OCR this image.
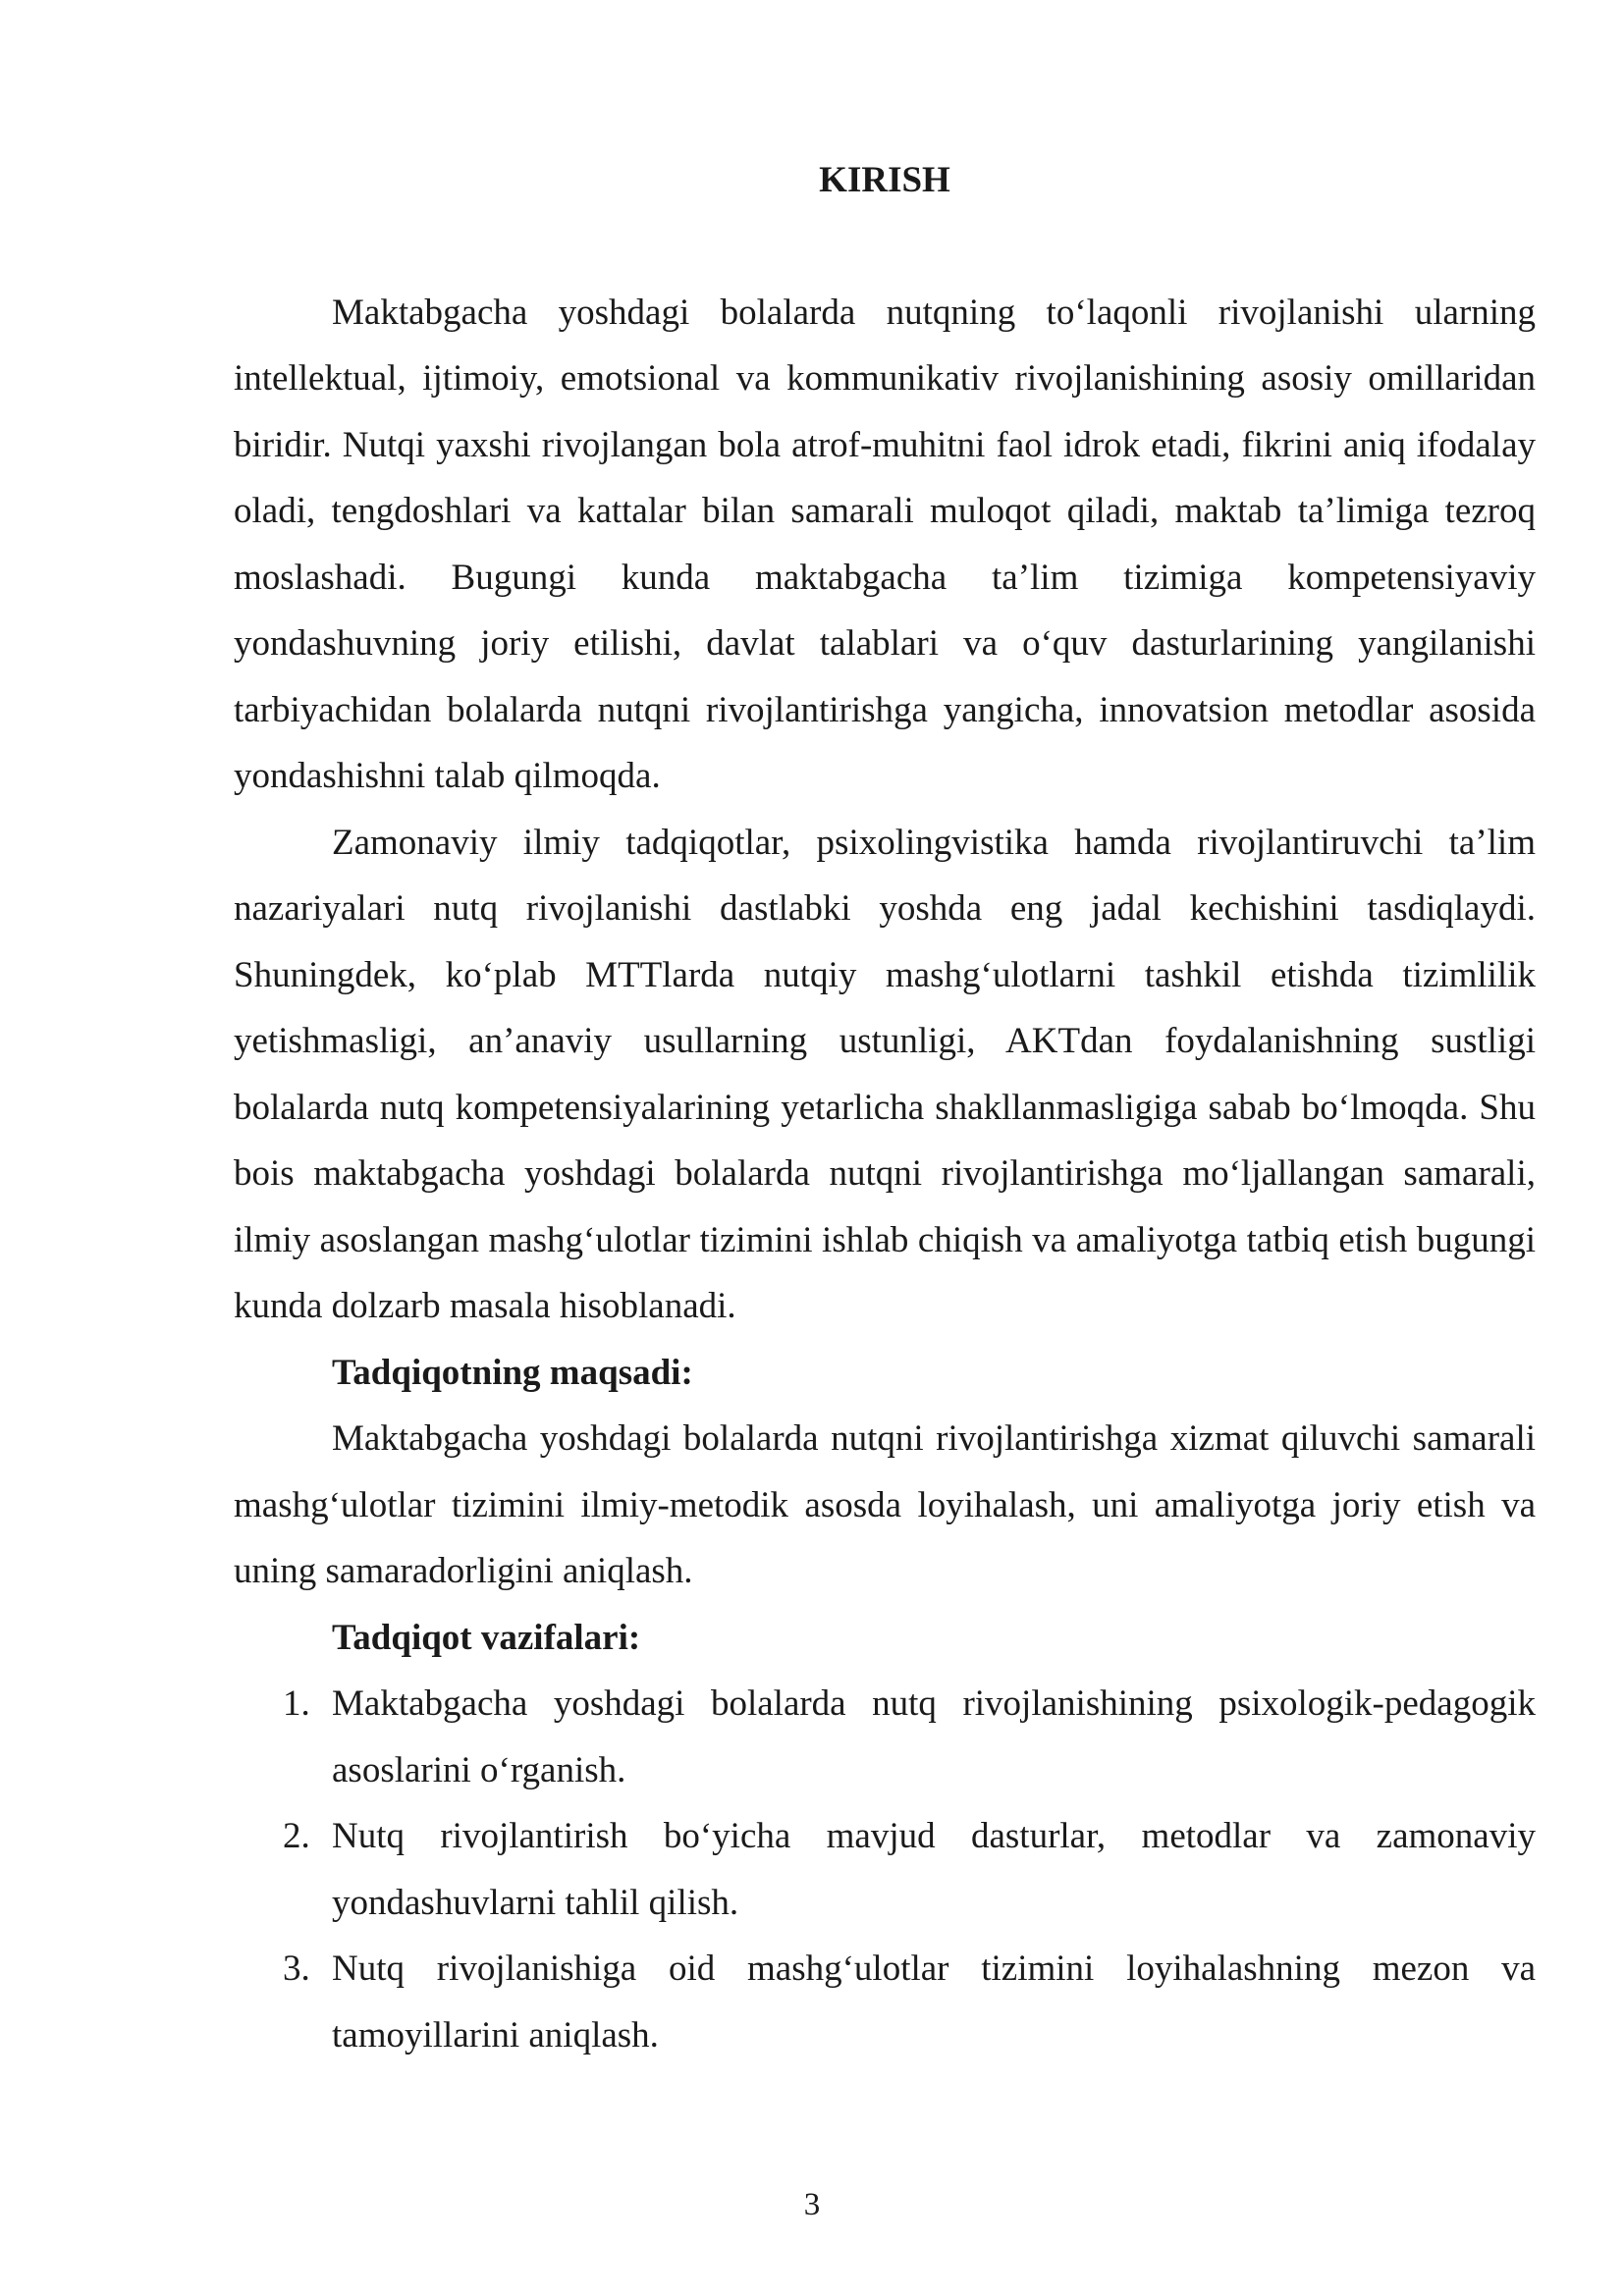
KIRISH

Maktabgacha yoshdagi bolalarda nutqning to‘laqonli rivojlanishi ularning intellektual, ijtimoiy, emotsional va kommunikativ rivojlanishining asosiy omillaridan biridir. Nutqi yaxshi rivojlangan bola atrof-muhitni faol idrok etadi, fikrini aniq ifodalay oladi, tengdoshlari va kattalar bilan samarali muloqot qiladi, maktab ta’limiga tezroq moslashadi. Bugungi kunda maktabgacha ta’lim tizimiga kompetensiyaviy yondashuvning joriy etilishi, davlat talablari va o‘quv dasturlarining yangilanishi tarbiyachidan bolalarda nutqni rivojlantirishga yangicha, innovatsion metodlar asosida yondashishni talab qilmoqda.

Zamonaviy ilmiy tadqiqotlar, psixolingvistika hamda rivojlantiruvchi ta’lim nazariyalari nutq rivojlanishi dastlabki yoshda eng jadal kechishini tasdiqlaydi. Shuningdek, ko‘plab MTTlarda nutqiy mashg‘ulotlarni tashkil etishda tizimlilik yetishmasligi, an’anaviy usullarning ustunligi, AKTdan foydalanishning sustligi bolalarda nutq kompetensiyalarining yetarlicha shakllanmasligiga sabab bo‘lmoqda. Shu bois maktabgacha yoshdagi bolalarda nutqni rivojlantirishga mo‘ljallangan samarali, ilmiy asoslangan mashg‘ulotlar tizimini ishlab chiqish va amaliyotga tatbiq etish bugungi kunda dolzarb masala hisoblanadi.

Tadqiqotning maqsadi:

Maktabgacha yoshdagi bolalarda nutqni rivojlantirishga xizmat qiluvchi samarali mashg‘ulotlar tizimini ilmiy-metodik asosda loyihalash, uni amaliyotga joriy etish va uning samaradorligini aniqlash.

Tadqiqot vazifalari:

1. Maktabgacha yoshdagi bolalarda nutq rivojlanishining psixologik-pedagogik asoslarini o‘rganish.
2. Nutq rivojlantirish bo‘yicha mavjud dasturlar, metodlar va zamonaviy yondashuvlarni tahlil qilish.
3. Nutq rivojlanishiga oid mashg‘ulotlar tizimini loyihalashning mezon va tamoyillarini aniqlash.
3
